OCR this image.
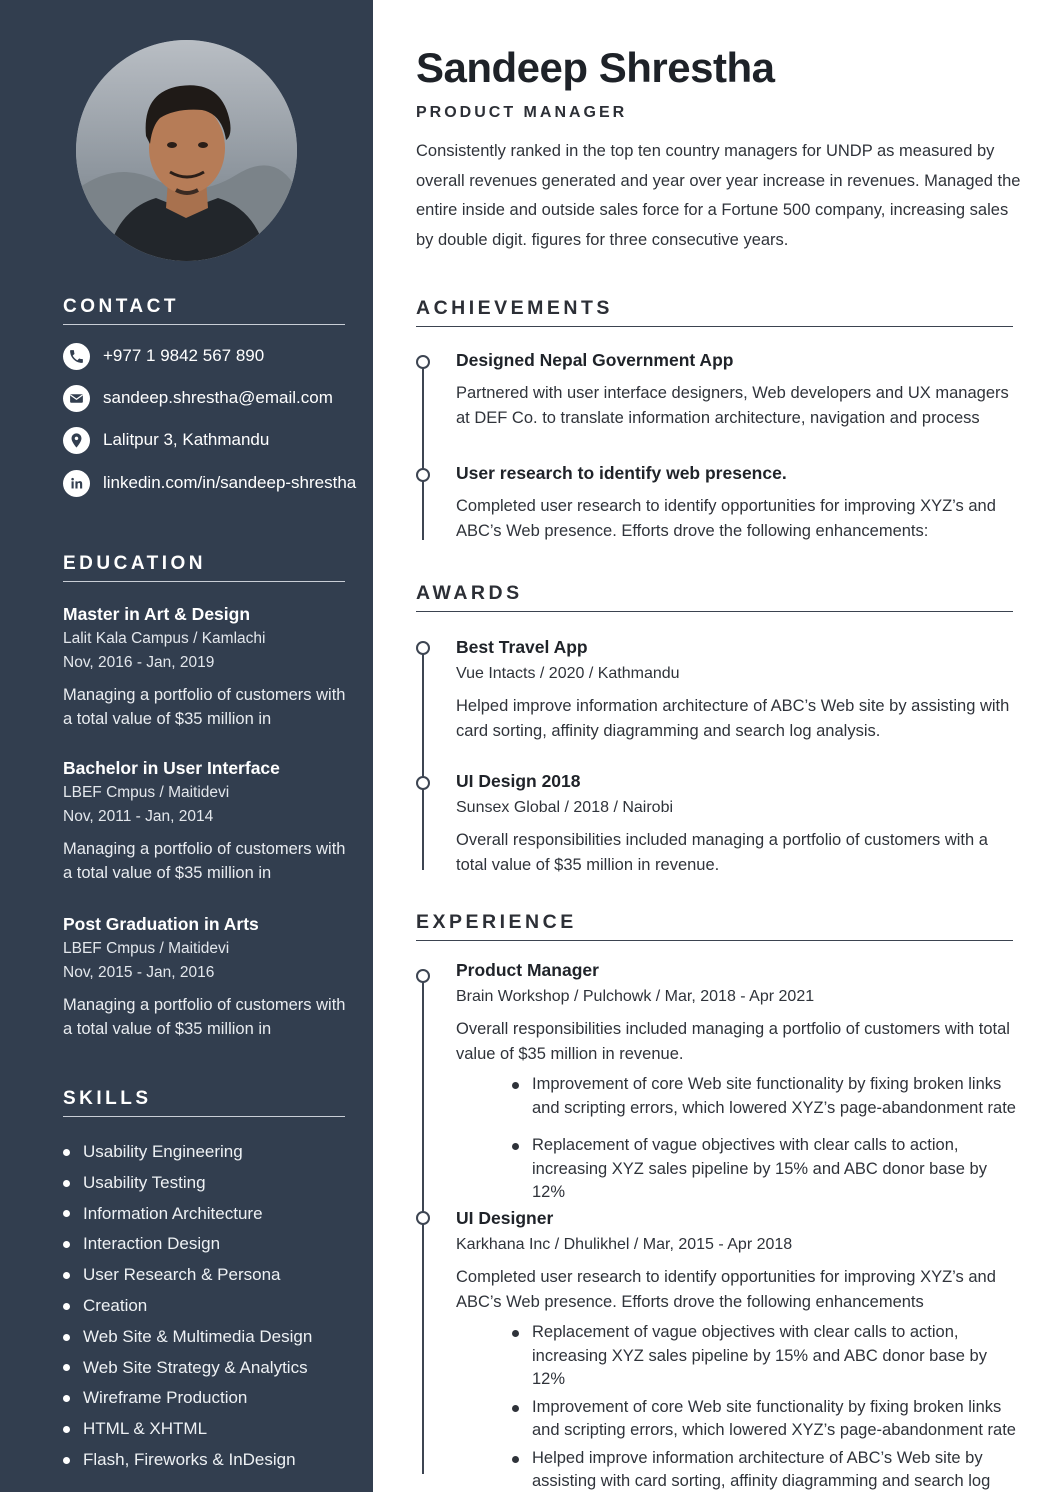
CONTACT
+977 1 9842 567 890
sandeep.shrestha@email.com
Lalitpur 3, Kathmandu
linkedin.com/in/sandeep-shrestha
EDUCATION
Master in Art & Design
Lalit Kala Campus / Kamlachi
Nov, 2016 - Jan, 2019
Managing a portfolio of customers with a total value of $35 million in
Bachelor in User Interface
LBEF Cmpus / Maitidevi
Nov, 2011 - Jan, 2014
Managing a portfolio of customers with a total value of $35 million in
Post Graduation in Arts
LBEF Cmpus / Maitidevi
Nov, 2015 - Jan, 2016
Managing a portfolio of customers with a total value of $35 million in
SKILLS
Usability Engineering
Usability Testing
Information Architecture
Interaction Design
User Research & Persona
Creation
Web Site & Multimedia Design
Web Site Strategy & Analytics
Wireframe Production
HTML & XHTML
Flash, Fireworks & InDesign
Sandeep Shrestha
PRODUCT MANAGER

Consistently ranked in the top ten country managers for UNDP as measured by overall revenues generated and year over year increase in revenues. Managed the entire inside and outside sales force for a Fortune 500 company, increasing sales by double digit. figures for three consecutive years.

ACHIEVEMENTS
Designed Nepal Government App
Partnered with user interface designers, Web developers and UX managers at DEF Co. to translate information architecture, navigation and process
User research to identify web presence.
Completed user research to identify opportunities for improving XYZ’s and ABC’s Web presence. Efforts drove the following enhancements:
AWARDS
Best Travel App
Vue Intacts / 2020 / Kathmandu
Helped improve information architecture of ABC’s Web site by assisting with card sorting, affinity diagramming and search log analysis.
UI Design 2018
Sunsex Global / 2018 / Nairobi
Overall responsibilities included managing a portfolio of customers with a total value of $35 million in revenue.
EXPERIENCE
Product Manager
Brain Workshop / Pulchowk / Mar, 2018 - Apr 2021
Overall responsibilities included managing a portfolio of customers with total value of $35 million in revenue.
Improvement of core Web site functionality by fixing broken links and scripting errors, which lowered XYZ’s page-abandonment rate
Replacement of vague objectives with clear calls to action, increasing XYZ sales pipeline by 15% and ABC donor base by 12%
UI Designer
Karkhana Inc / Dhulikhel / Mar, 2015 - Apr 2018
Completed user research to identify opportunities for improving XYZ’s and ABC’s Web presence. Efforts drove the following enhancements
Replacement of vague objectives with clear calls to action, increasing XYZ sales pipeline by 15% and ABC donor base by 12%
Improvement of core Web site functionality by fixing broken links and scripting errors, which lowered XYZ’s page-abandonment rate
Helped improve information architecture of ABC’s Web site by assisting with card sorting, affinity diagramming and search log
